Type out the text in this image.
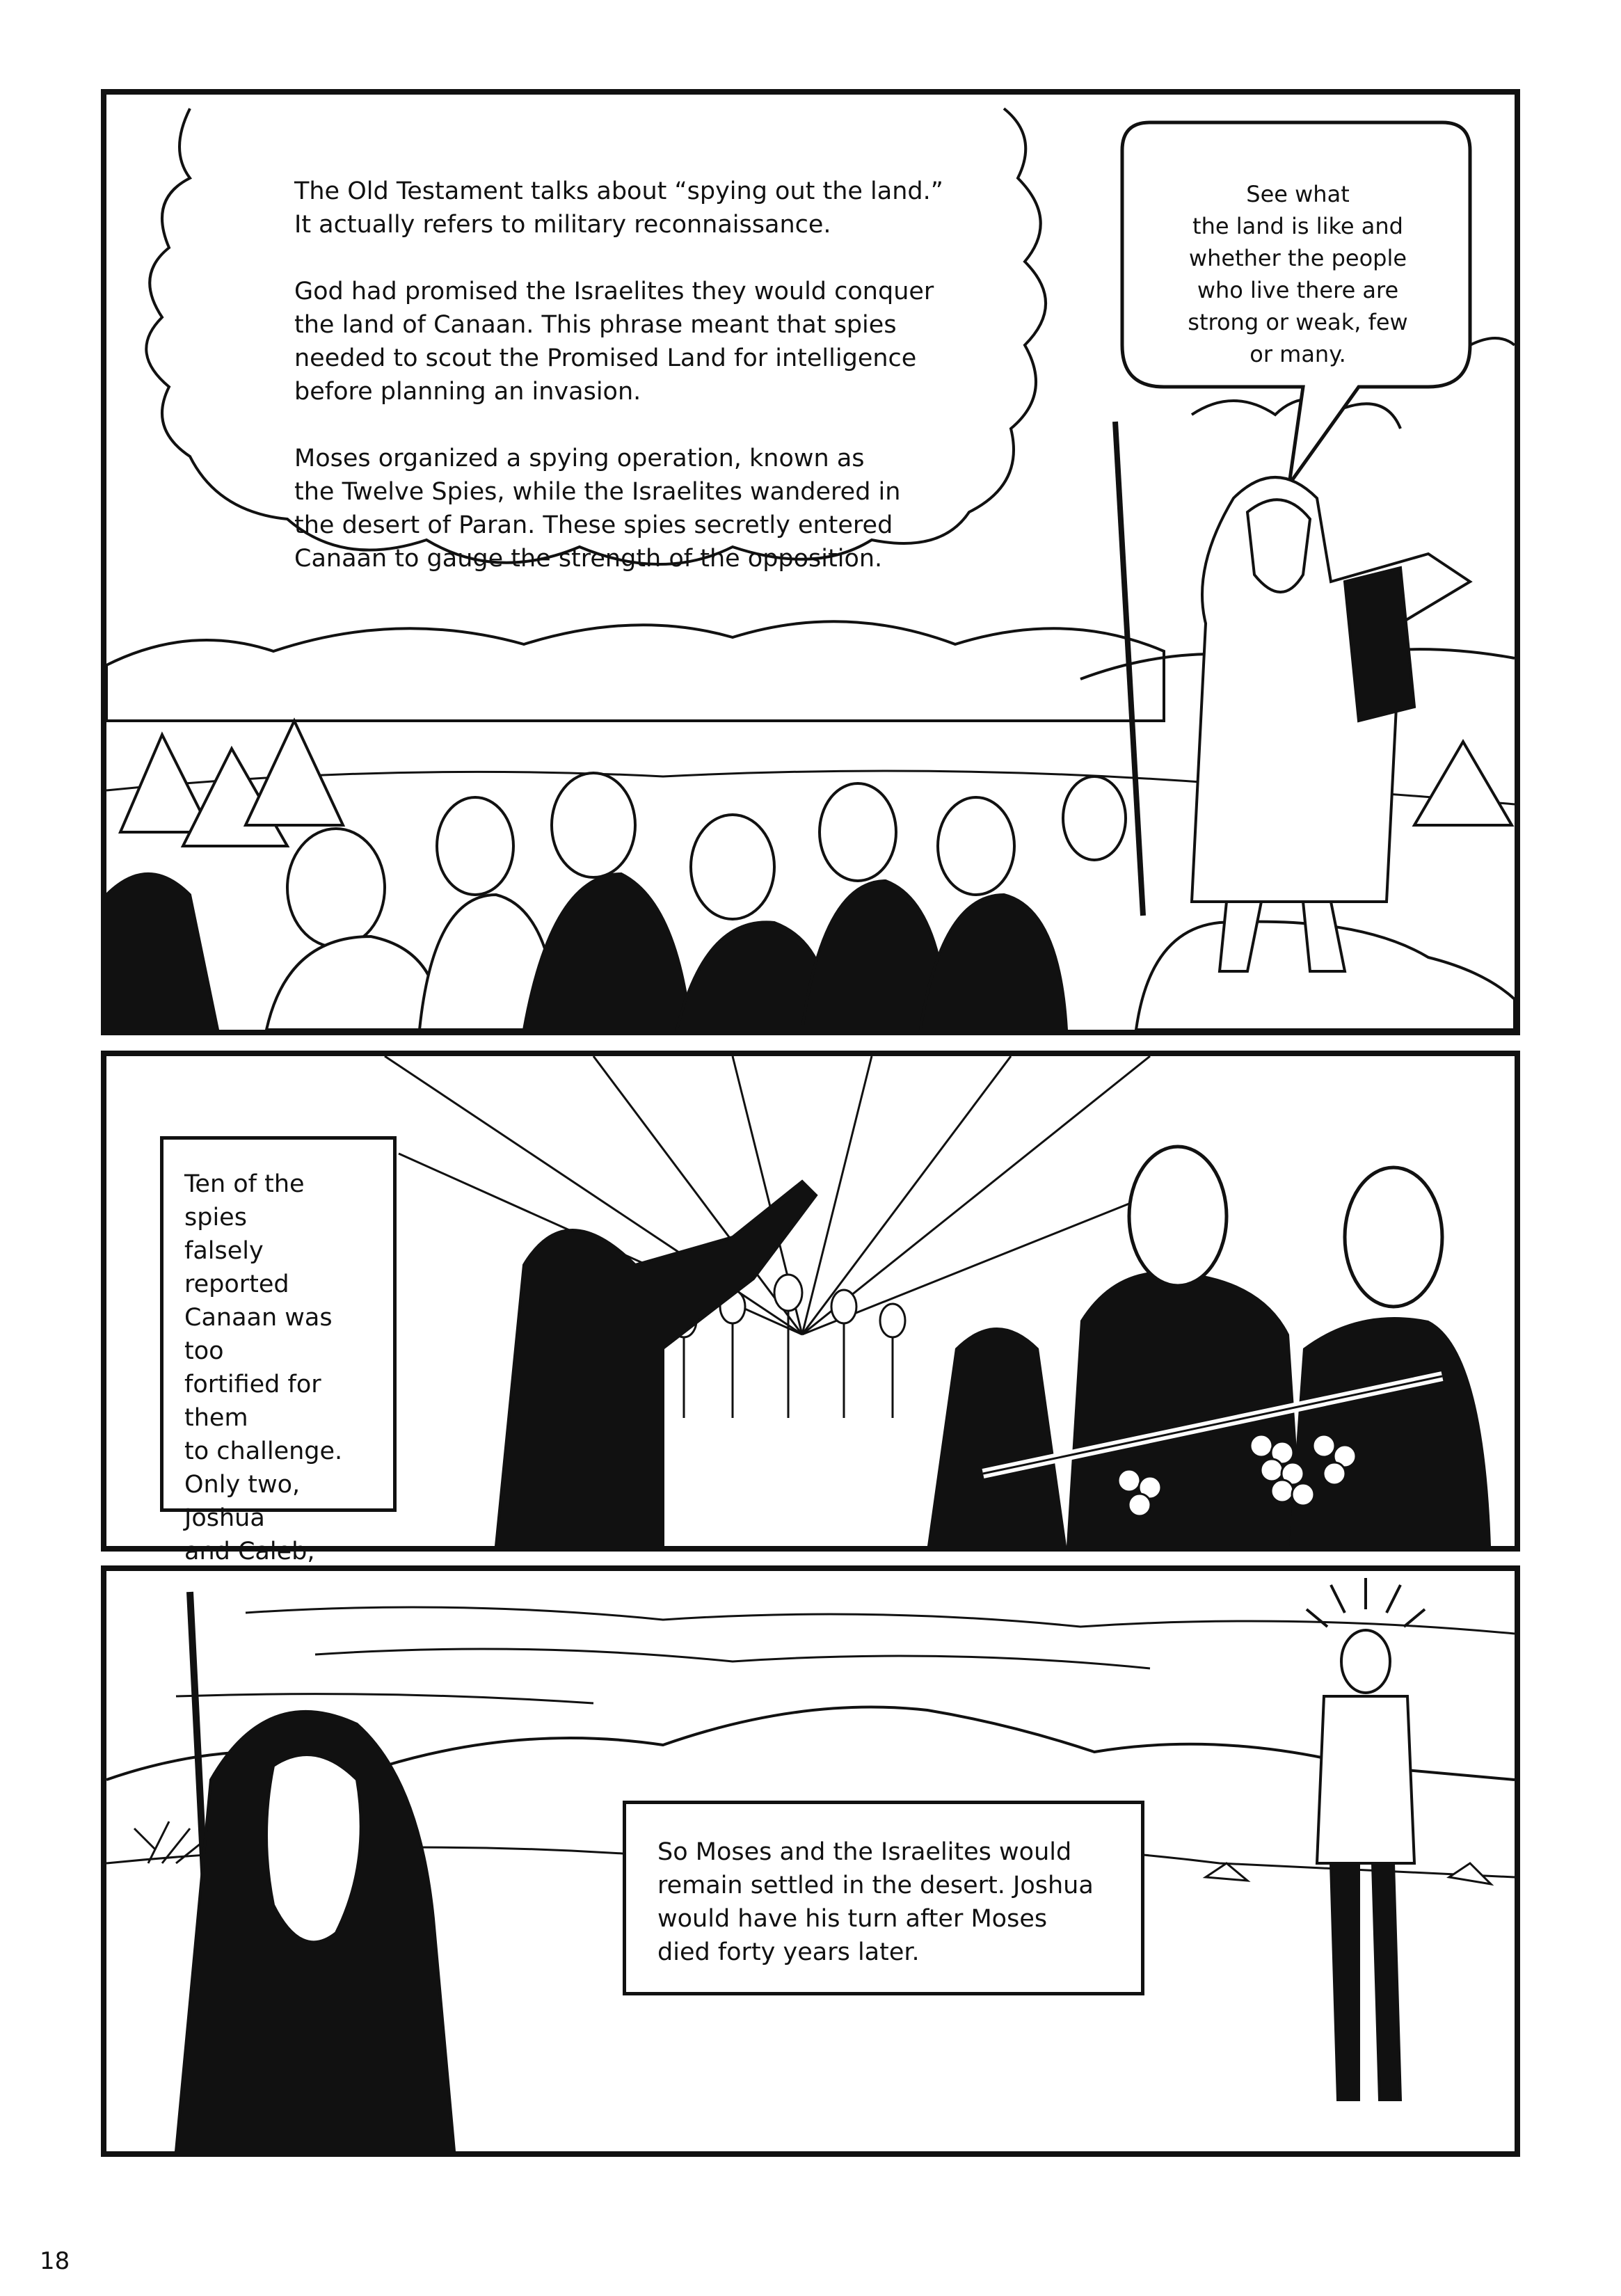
The Old Testament talks about “spying out the land.”
It actually refers to military reconnaissance.

God had promised the Israelites they would conquer
the land of Canaan. This phrase meant that spies
needed to scout the Promised Land for intelligence
before planning an invasion.

Moses organized a spying operation, known as
the Twelve Spies, while the Israelites wandered in
the desert of Paran. These spies secretly entered
Canaan to gauge the strength of the opposition.
See what
the land is like and
whether the people
who live there are
strong or weak, few
or many.
Ten of the spies
falsely reported
Canaan was too
fortified for them
to challenge.
Only two, Joshua
and Caleb,

So Moses and the Israelites would
remain settled in the desert. Joshua
would have his turn after Moses
died forty years later.
18
